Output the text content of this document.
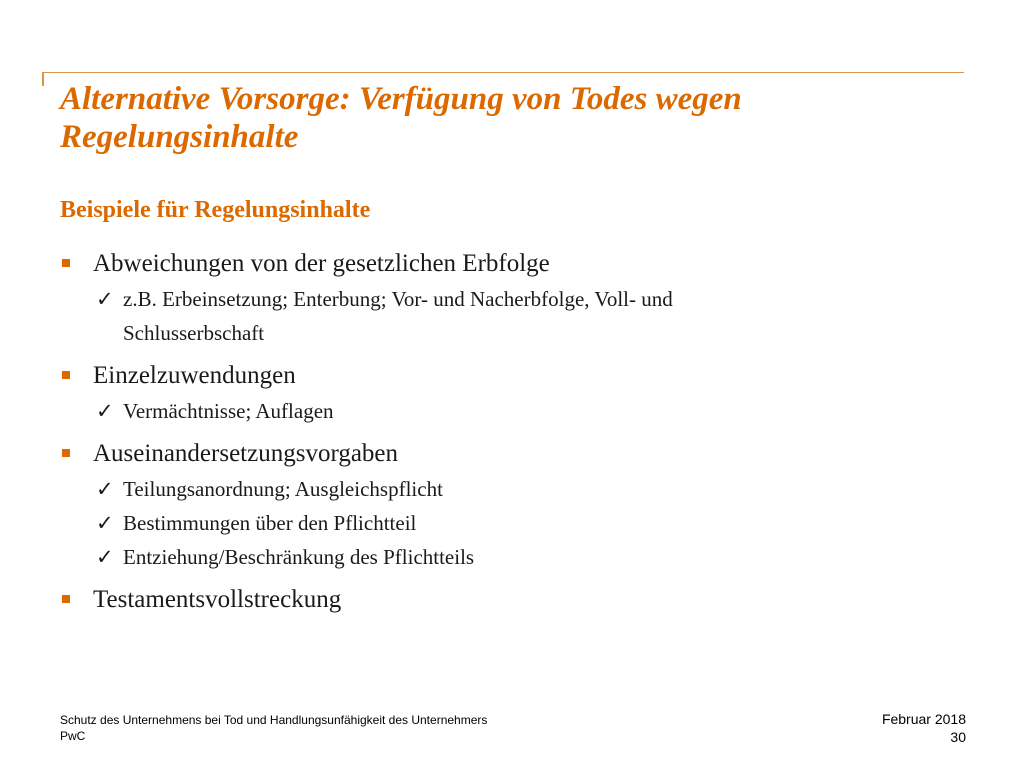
Alternative Vorsorge: Verfügung von Todes wegen
Regelungsinhalte
Beispiele für Regelungsinhalte
Abweichungen von der gesetzlichen Erbfolge
✓ z.B. Erbeinsetzung; Enterbung; Vor- und Nacherbfolge, Voll- und
Schlusserbschaft
Einzelzuwendungen
✓ Vermächtnisse; Auflagen
Auseinandersetzungsvorgaben
✓ Teilungsanordnung; Ausgleichspflicht
✓ Bestimmungen über den Pflichtteil
✓ Entziehung/Beschränkung des Pflichtteils
Testamentsvollstreckung
Schutz des Unternehmens bei Tod und Handlungsunfähigkeit des Unternehmers
PwC
Februar 2018
30
